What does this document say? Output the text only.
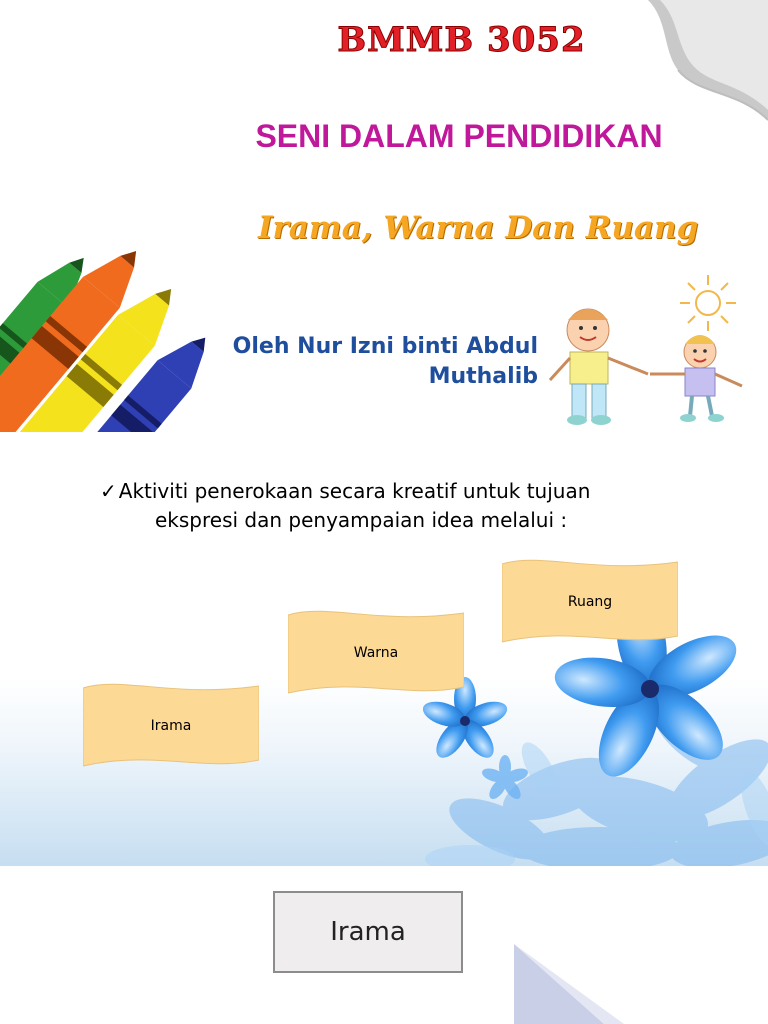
BMMB 3052
SENI DALAM PENDIDIKAN
Irama, Warna Dan Ruang
Oleh Nur Izni binti Abdul
Muthalib
✓ Aktiviti penerokaan secara kreatif untuk tujuan
ekspresi dan penyampaian idea melalui :
Irama
Warna
Ruang
Irama
